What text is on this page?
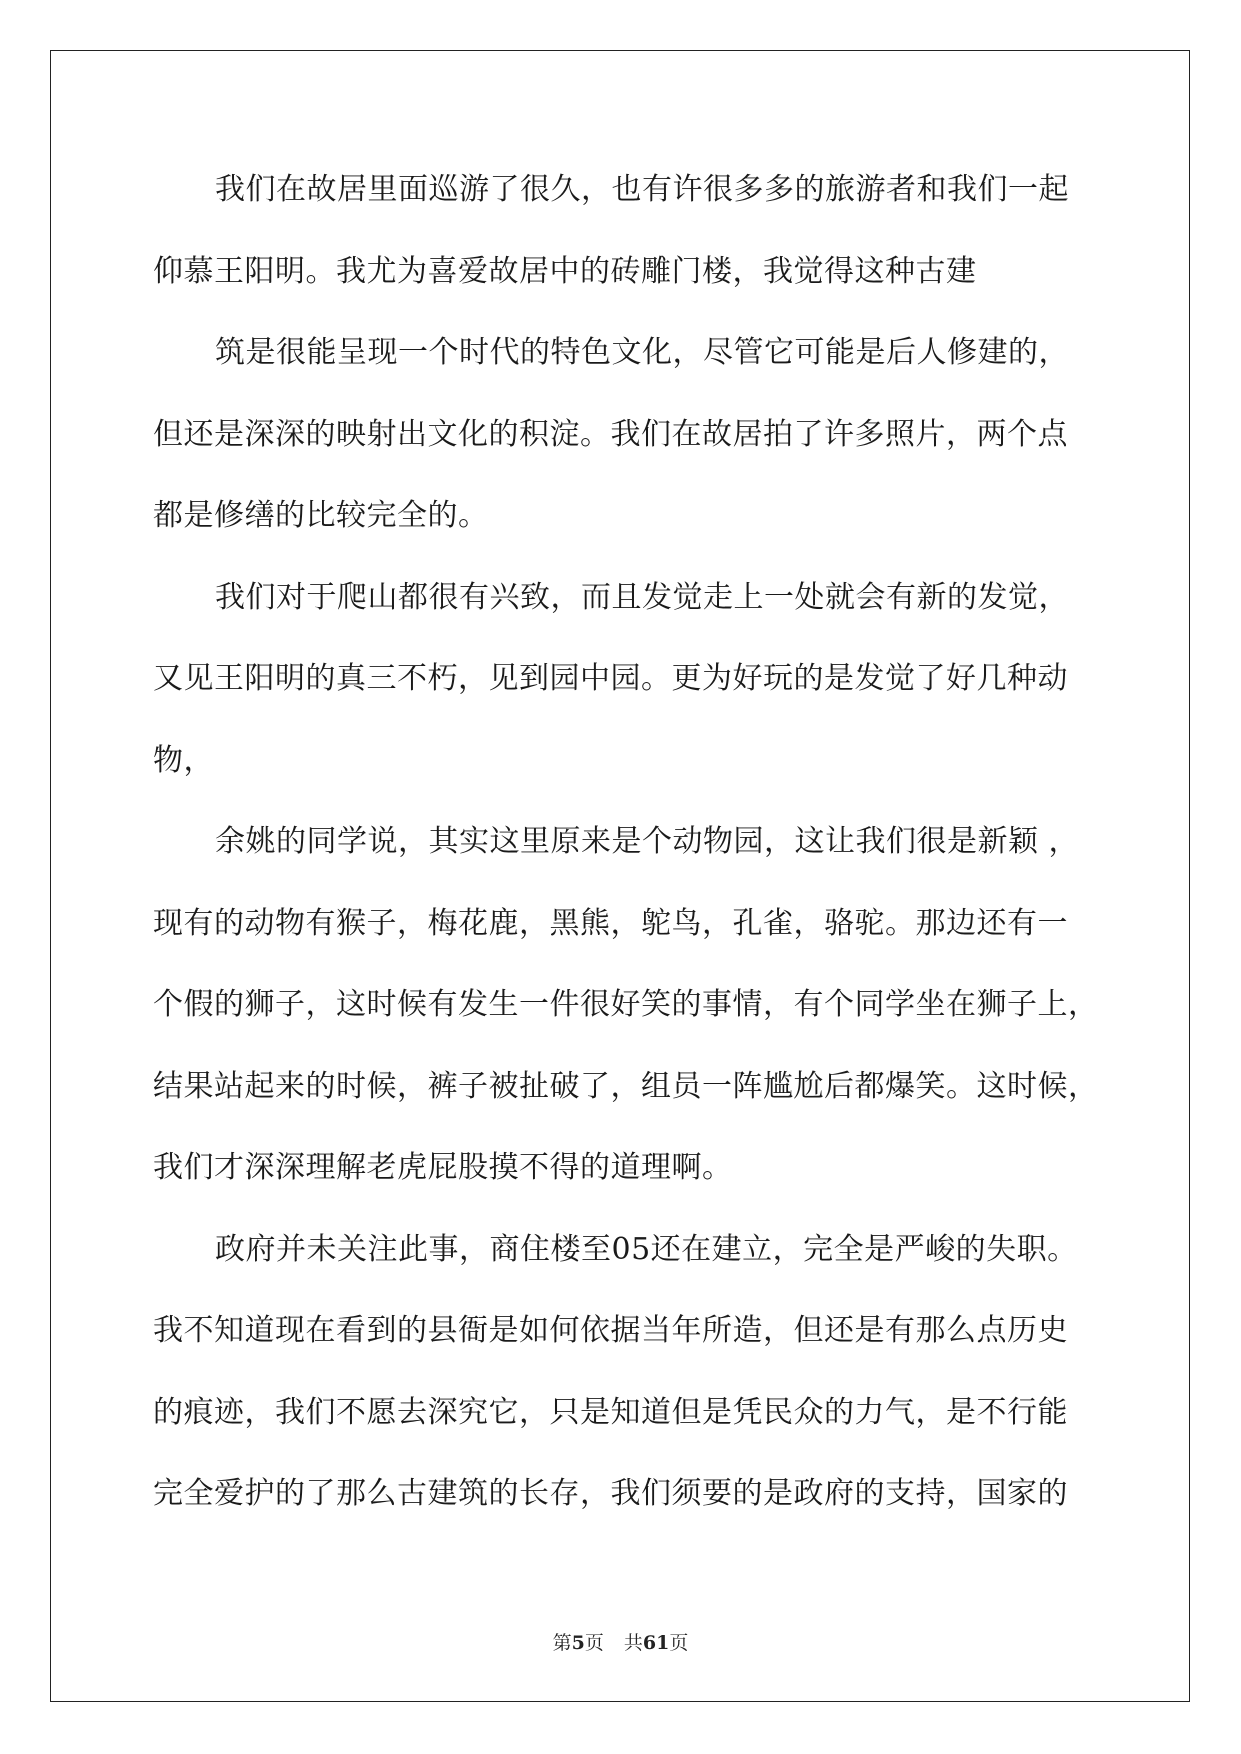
我们在故居里面巡游了很久，也有许很多多的旅游者和我们一起
仰慕王阳明。我尤为喜爱故居中的砖雕门楼，我觉得这种古建
筑是很能呈现一个时代的特色文化，尽管它可能是后人修建的，
但还是深深的映射出文化的积淀。我们在故居拍了许多照片，两个点
都是修缮的比较完全的。
我们对于爬山都很有兴致，而且发觉走上一处就会有新的发觉，
又见王阳明的真三不朽，见到园中园。更为好玩的是发觉了好几种动
物，
余姚的同学说，其实这里原来是个动物园，这让我们很是新颖 ，
现有的动物有猴子，梅花鹿，黑熊，鸵鸟，孔雀，骆驼。那边还有一
个假的狮子，这时候有发生一件很好笑的事情，有个同学坐在狮子上，
结果站起来的时候，裤子被扯破了，组员一阵尴尬后都爆笑。这时候，
我们才深深理解老虎屁股摸不得的道理啊。
政府并未关注此事，商住楼至05还在建立，完全是严峻的失职。
我不知道现在看到的县衙是如何依据当年所造，但还是有那么点历史
的痕迹，我们不愿去深究它，只是知道但是凭民众的力气，是不行能
完全爱护的了那么古建筑的长存，我们须要的是政府的支持，国家的
第5页 共61页
